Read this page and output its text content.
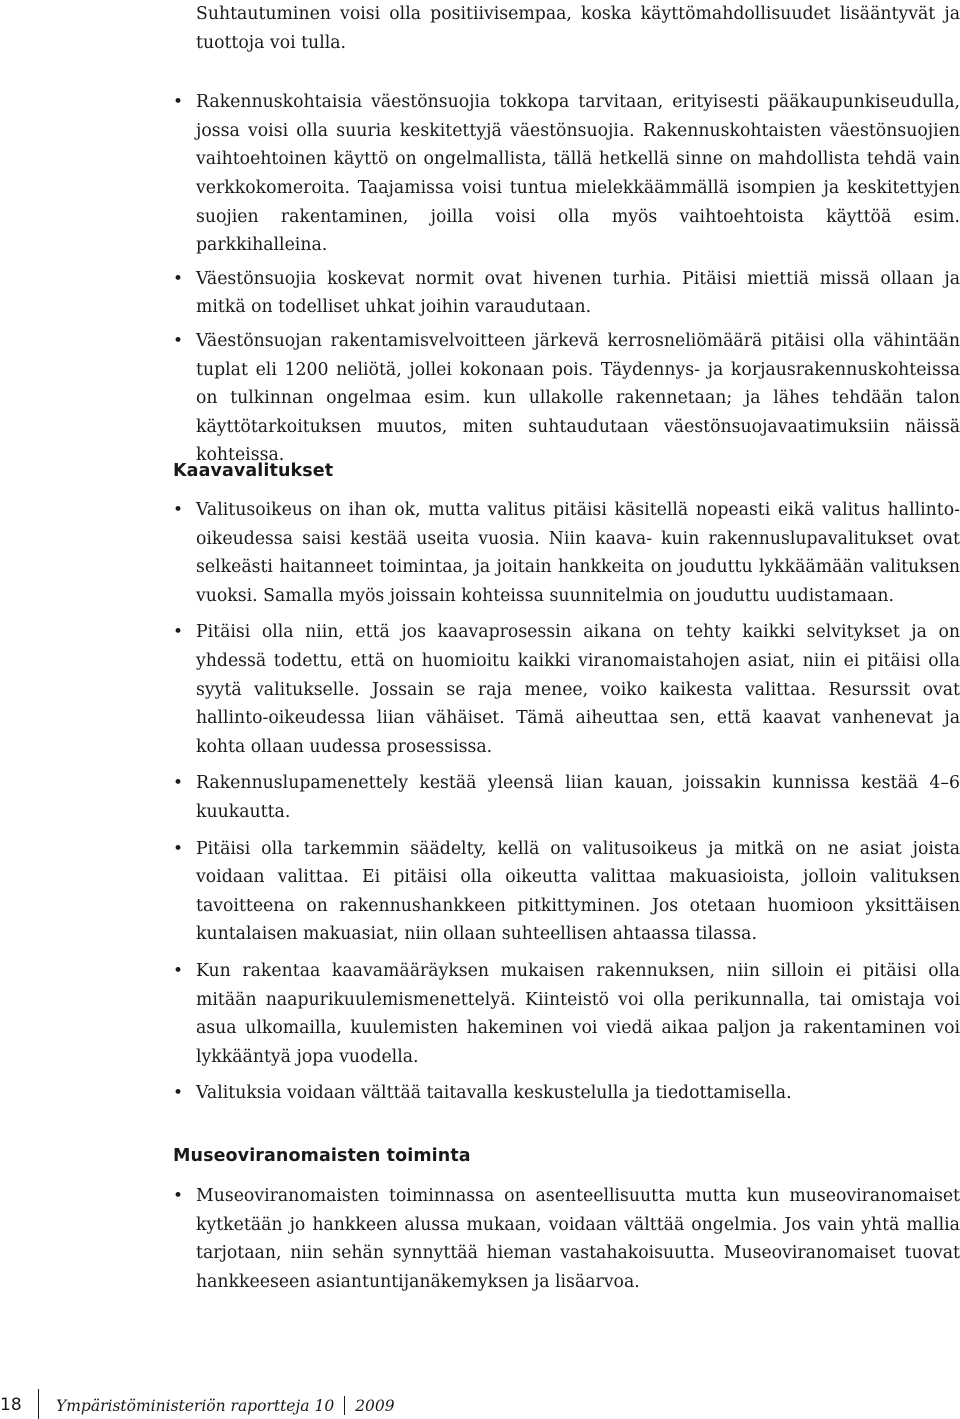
Suhtautuminen voisi olla positiivisempaa, koska käyttömahdollisuudet lisääntyvät ja tuottoja voi tulla.

• Rakennuskohtaisia väestönsuojia tokkopa tarvitaan, erityisesti pääkaupunkiseudulla, jossa voisi olla suuria keskitettyjä väestönsuojia. Rakennuskohtaisten väestönsuojien vaihtoehtoinen käyttö on ongelmallista, tällä hetkellä sinne on mahdollista tehdä vain verkkokomeroita. Taajamissa voisi tuntua mielekkäämmällä isompien ja keskitettyjen suojien rakentaminen, joilla voisi olla myös vaihtoehtoista käyttöä esim. parkkihalleina.
• Väestönsuojia koskevat normit ovat hivenen turhia. Pitäisi miettiä missä ollaan ja mitkä on todelliset uhkat joihin varaudutaan.
• Väestönsuojan rakentamisvelvoitteen järkevä kerrosneliömäärä pitäisi olla vähintään tuplat eli 1200 neliötä, jollei kokonaan pois. Täydennys- ja korjausrakennuskohteissa on tulkinnan ongelmaa esim. kun ullakolle rakennetaan; ja lähes tehdään talon käyttötarkoituksen muutos, miten suhtaudutaan väestönsuojavaatimuksiin näissä kohteissa.

Kaavavalitukset

• Valitusoikeus on ihan ok, mutta valitus pitäisi käsitellä nopeasti eikä valitus hallinto-oikeudessa saisi kestää useita vuosia. Niin kaava- kuin rakennuslupavalitukset ovat selkeästi haitanneet toimintaa, ja joitain hankkeita on jouduttu lykkäämään valituksen vuoksi. Samalla myös joissain kohteissa suunnitelmia on jouduttu uudistamaan.
• Pitäisi olla niin, että jos kaavaprosessin aikana on tehty kaikki selvitykset ja on yhdessä todettu, että on huomioitu kaikki viranomaistahojen asiat, niin ei pitäisi olla syytä valitukselle. Jossain se raja menee, voiko kaikesta valittaa. Resurssit ovat hallinto-oikeudessa liian vähäiset. Tämä aiheuttaa sen, että kaavat vanhenevat ja kohta ollaan uudessa prosessissa.
• Rakennuslupamenettely kestää yleensä liian kauan, joissakin kunnissa kestää 4–6 kuukautta.
• Pitäisi olla tarkemmin säädelty, kellä on valitusoikeus ja mitkä on ne asiat joista voidaan valittaa. Ei pitäisi olla oikeutta valittaa makuasioista, jolloin valituksen tavoitteena on rakennushankkeen pitkittyminen. Jos otetaan huomioon yksittäisen kuntalaisen makuasiat, niin ollaan suhteellisen ahtaassa tilassa.
• Kun rakentaa kaavamääräyksen mukaisen rakennuksen, niin silloin ei pitäisi olla mitään naapurikuulemismenettelyä. Kiinteistö voi olla perikunnalla, tai omistaja voi asua ulkomailla, kuulemisten hakeminen voi viedä aikaa paljon ja rakentaminen voi lykkääntyä jopa vuodella.
• Valituksia voidaan välttää taitavalla keskustelulla ja tiedottamisella.

Museoviranomaisten toiminta

• Museoviranomaisten toiminnassa on asenteellisuutta mutta kun museoviranomaiset kytketään jo hankkeen alussa mukaan, voidaan välttää ongelmia. Jos vain yhtä mallia tarjotaan, niin sehän synnyttää hieman vastahakoisuutta. Museoviranomaiset tuovat hankkeeseen asiantuntijanäkemyksen ja lisäarvoa.
18 Ympäristöministeriön raportteja 10 2009
